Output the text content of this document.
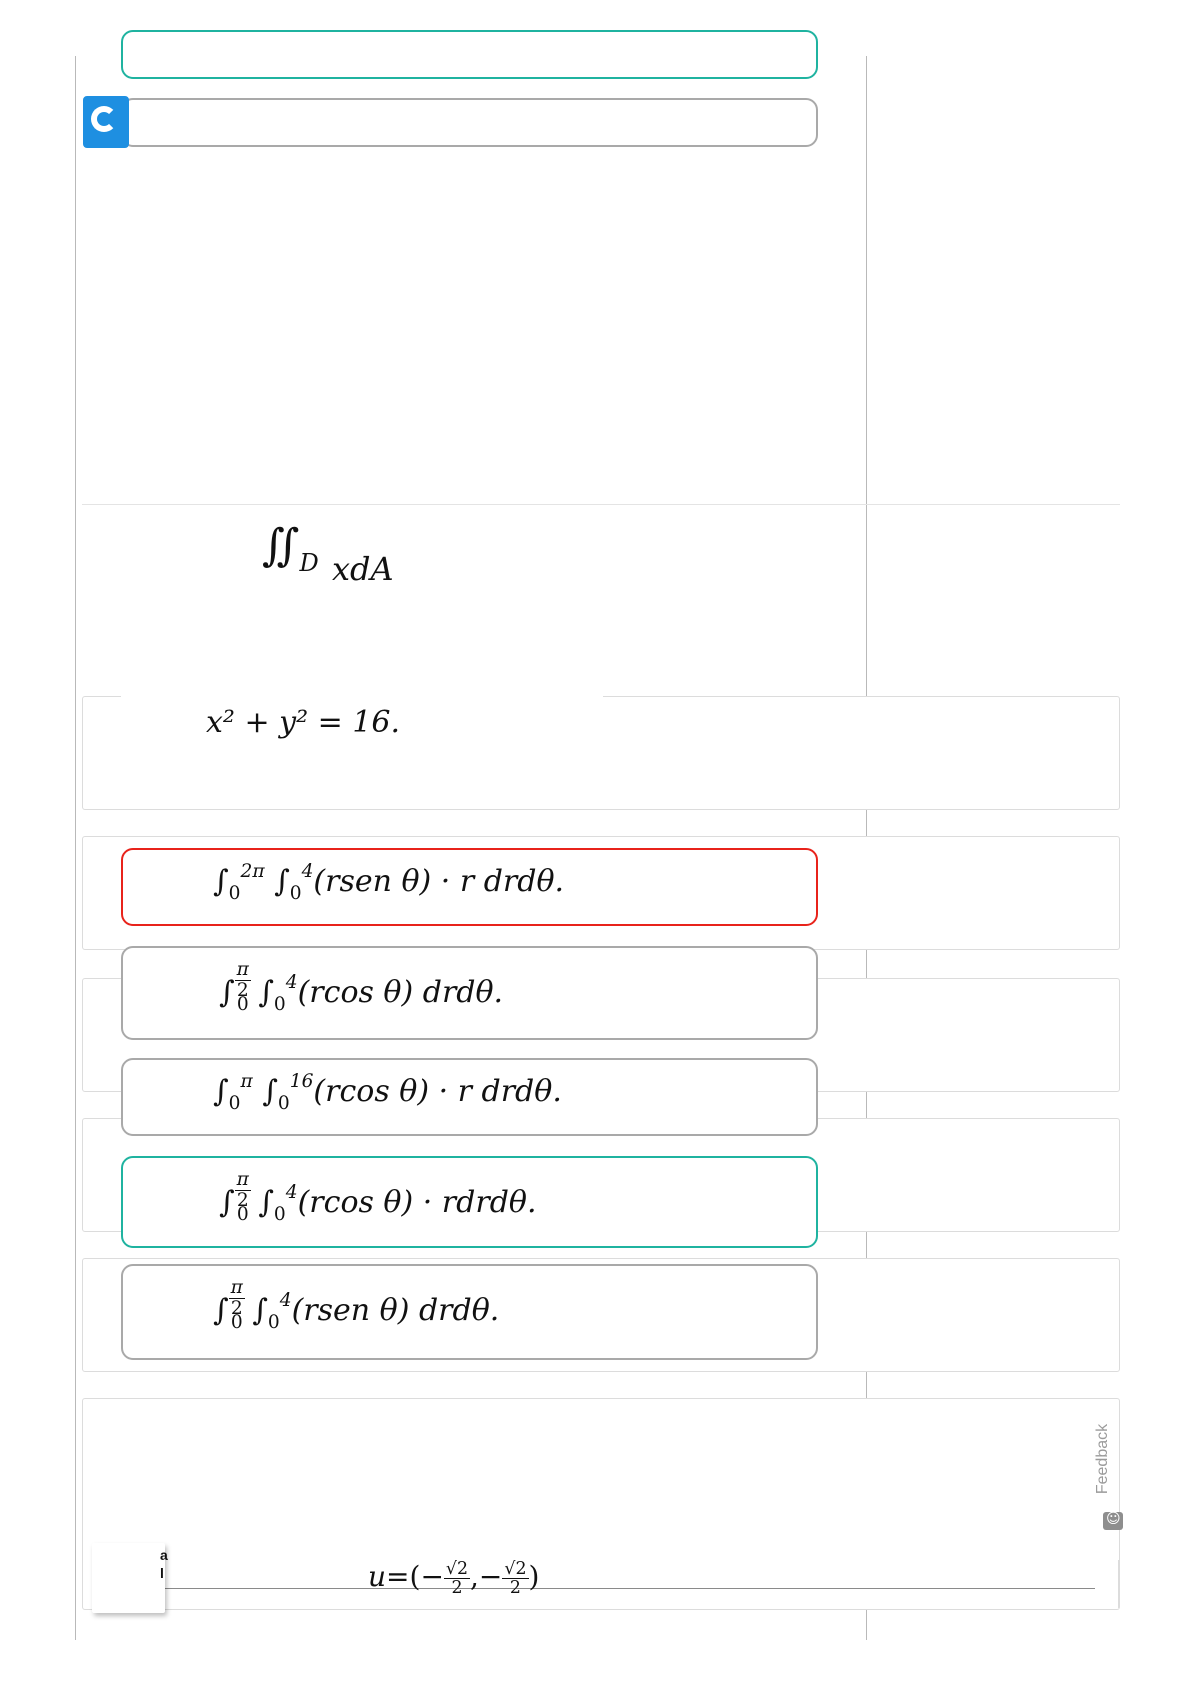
$∬_D$ xdA
x² + y² = 16.
$\int_0^{2\pi}$ $\int_0^4(rsen$ θ) · r drdθ.
∫ $\frac{\pi}{2}$
$_0$ $\int_0^4(rcos$ θ) drdθ.
$\int_0^\pi$ $\int_0^{16}(rcos$ θ) · r drdθ.
∫ $\frac{\pi}{2}$
$_0$ $\int_0^4(rcos$ θ) · rdrdθ.
∫ $\frac{\pi}{2}$
$_0$ $\int_0^4(rsen$ θ) drdθ.
$u=(- \frac{√2}{2}$ ,− $\frac{√2}{2}$ )
Feedback
☺
a
l
